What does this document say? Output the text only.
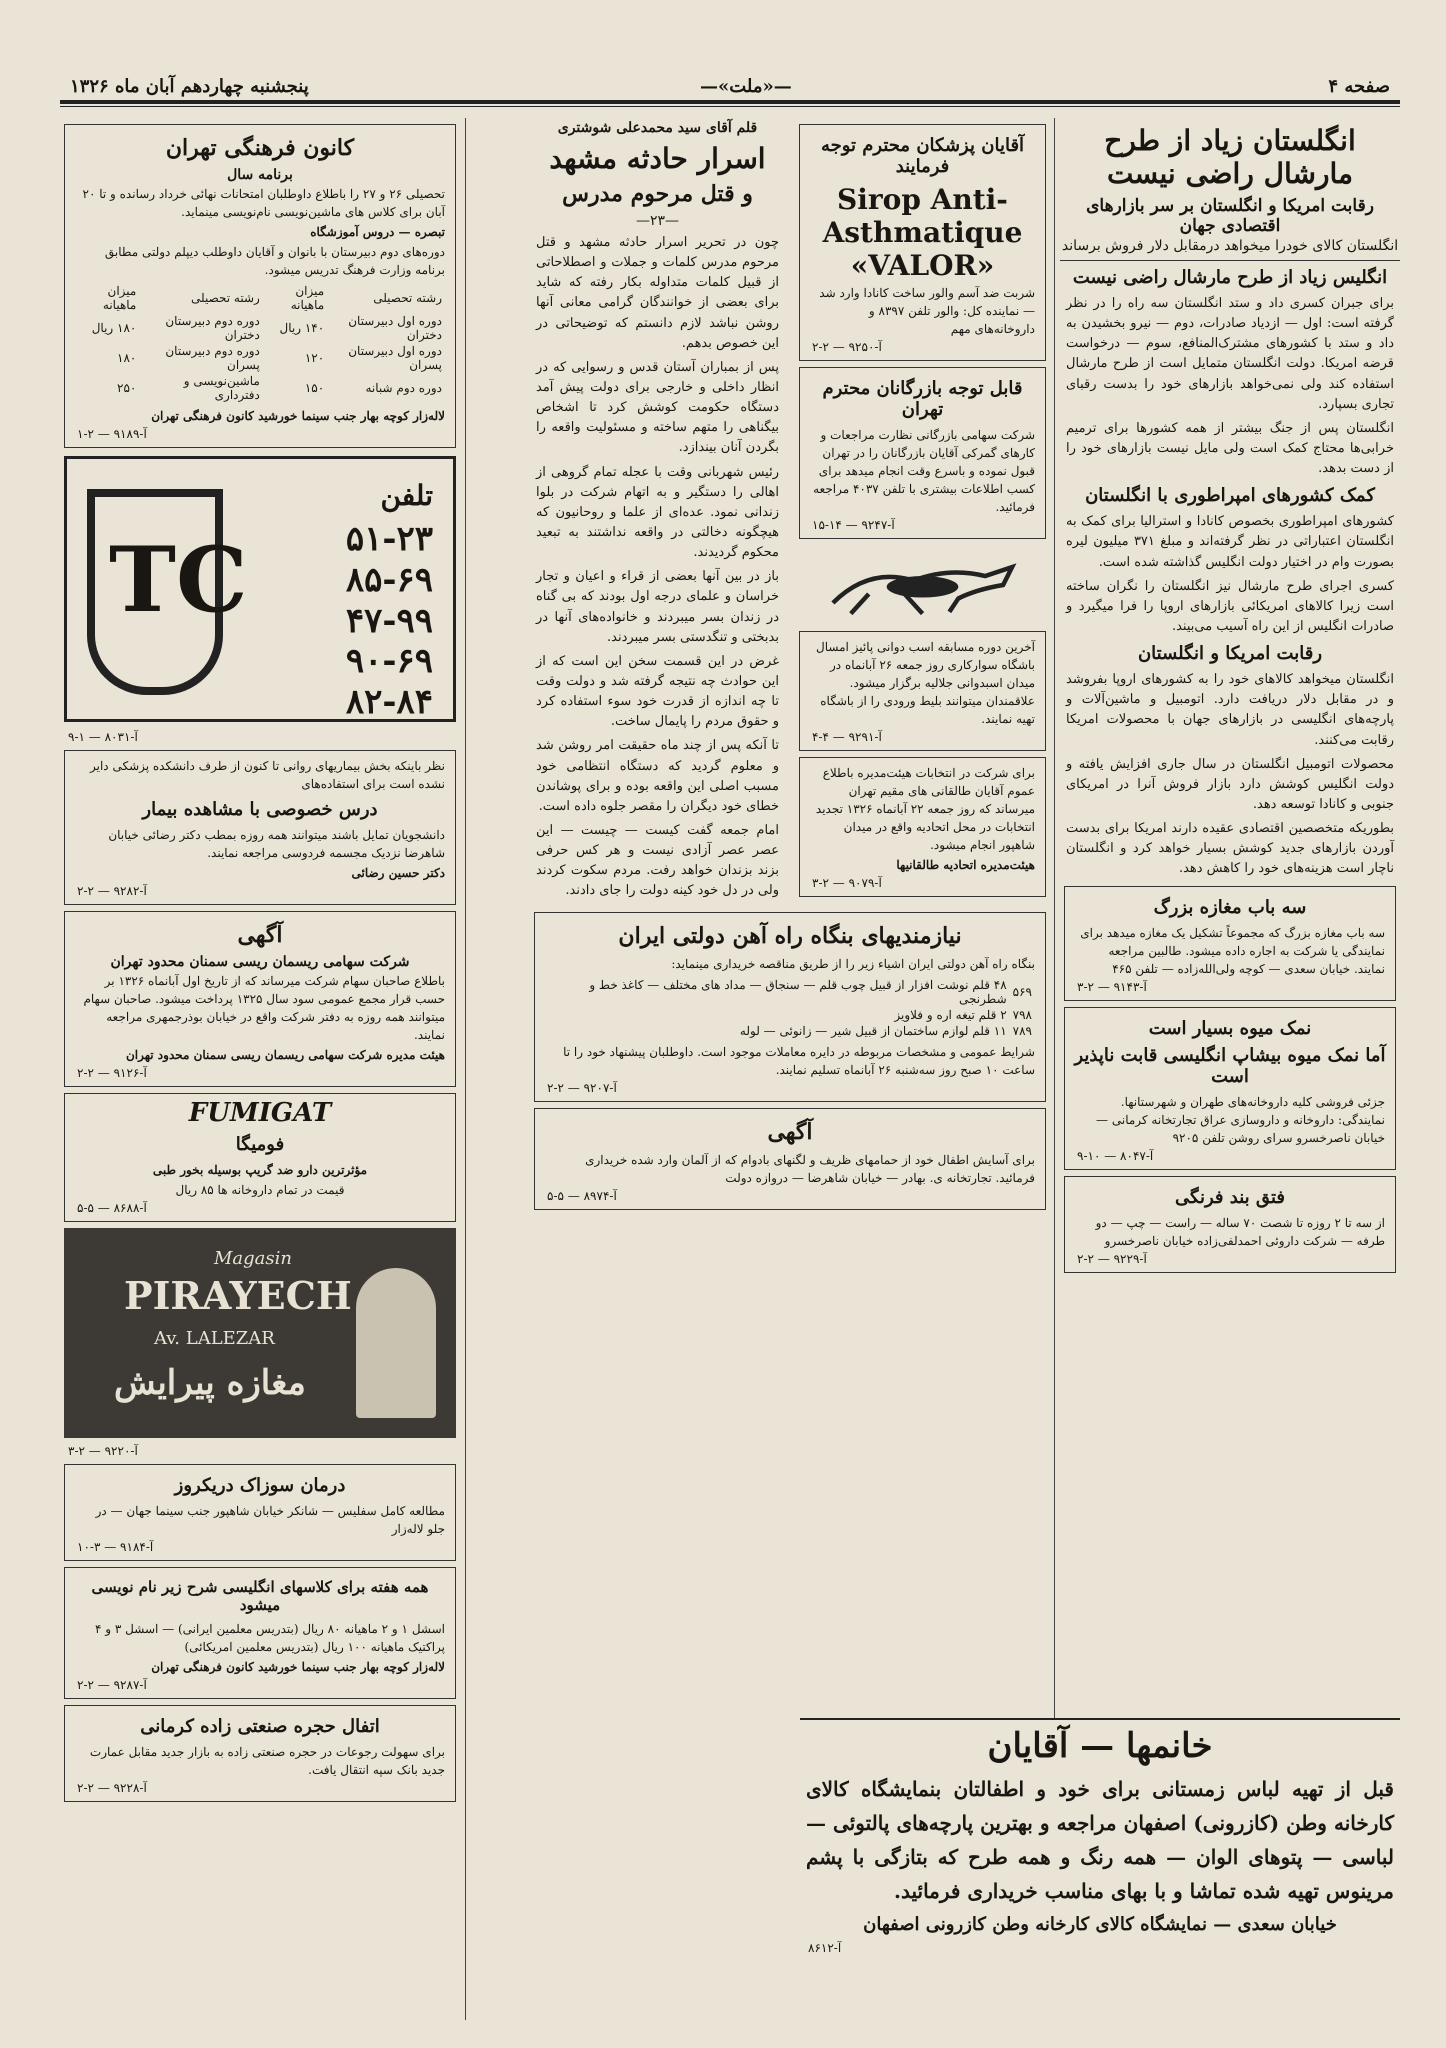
صفحه ۴
—«ملت»—
پنجشنبه چهاردهم آبان ماه ۱۳۲۶
انگلستان زیاد از طرح مارشال راضی نیست
رقابت امریکا و انگلستان بر سر بازارهای اقتصادی جهان
انگلستان کالای خودرا میخواهد درمقابل دلار فروش برساند
انگلیس زیاد از طرح مارشال راضی نیست
برای جبران کسری داد و ستد انگلستان سه راه را در نظر گرفته است: اول — ازدیاد صادرات، دوم — نیرو بخشیدن به داد و ستد با کشورهای مشترک‌المنافع، سوم — درخواست قرضه امریکا. دولت انگلستان متمایل است از طرح مارشال استفاده کند ولی نمی‌خواهد بازارهای خود را بدست رقبای تجاری بسپارد.
انگلستان پس از جنگ بیشتر از همه کشورها برای ترمیم خرابی‌ها محتاج کمک است ولی مایل نیست بازارهای خود را از دست بدهد.
کمک کشورهای امپراطوری با انگلستان
کشورهای امپراطوری بخصوص کانادا و استرالیا برای کمک به انگلستان اعتباراتی در نظر گرفته‌اند و مبلغ ۳۷۱ میلیون لیره بصورت وام در اختیار دولت انگلیس گذاشته شده است.
کسری اجرای طرح مارشال نیز انگلستان را نگران ساخته است زیرا کالاهای امریکائی بازارهای اروپا را فرا میگیرد و صادرات انگلیس از این راه آسیب می‌بیند.
رقابت امریکا و انگلستان
انگلستان میخواهد کالاهای خود را به کشورهای اروپا بفروشد و در مقابل دلار دریافت دارد. اتومبیل و ماشین‌آلات و پارچه‌های انگلیسی در بازارهای جهان با محصولات امریکا رقابت می‌کنند.
محصولات اتومبیل انگلستان در سال جاری افزایش یافته و دولت انگلیس کوشش دارد بازار فروش آنرا در امریکای جنوبی و کانادا توسعه دهد.
بطوریکه متخصصین اقتصادی عقیده دارند امریکا برای بدست آوردن بازارهای جدید کوشش بسیار خواهد کرد و انگلستان ناچار است هزینه‌های خود را کاهش دهد.
سه باب مغازه بزرگ
سه باب مغازه بزرگ که مجموعاً تشکیل یک مغازه میدهد برای نمایندگی یا شرکت به اجاره داده میشود. طالبین مراجعه نمایند. خیابان سعدی — کوچه ولی‌الله‌زاده — تلفن ۴۶۵
آ-۹۱۴۳ — ۲-۳
نمک میوه بسیار است
آما نمک میوه بیشاپ انگلیسی قابت ناپذیر است
جزئی فروشی کلیه داروخانه‌های طهران و شهرستانها. نمایندگی: داروخانه و داروسازی عراق تجارتخانه کرمانی — خیابان ناصرخسرو سرای روشن تلفن ۹۲۰۵
آ-۸۰۴۷ — ۱۰-۹
فتق بند فرنگی
از سه تا ۲ روزه تا شصت ۷۰ ساله — راست — چپ — دو طرفه — شرکت داروئی احمدلفی‌زاده خیابان ناصرخسرو
آ-۹۲۲۹ — ۲-۲
آقایان پزشکان محترم توجه فرمایند
Sirop Anti-Asthmatique
«VALOR»
شربت ضد آسم والور ساخت کانادا وارد شد — نماینده کل: والور تلفن ۸۳۹۷ و داروخانه‌های مهم
آ-۹۲۵۰ — ۲-۲
قابل توجه بازرگانان محترم تهران
شرکت سهامی بازرگانی نظارت مراجعات و کارهای گمرکی آقایان بازرگانان را در تهران قبول نموده و باسرع وقت انجام میدهد برای کسب اطلاعات بیشتری با تلفن ۴۰۳۷ مراجعه فرمائید.
آ-۹۲۴۷ — ۱۴-۱۵
آخرین دوره مسابقه اسب دوانی پائیز امسال باشگاه سوارکاری روز جمعه ۲۶ آبانماه در میدان اسبدوانی جلالیه برگزار میشود. علاقمندان میتوانند بلیط ورودی را از باشگاه تهیه نمایند.
آ-۹۲۹۱ — ۴-۴
برای شرکت در انتخابات هیئت‌مدیره باطلاع عموم آقایان طالقانی های مقیم تهران میرساند که روز جمعه ۲۲ آبانماه ۱۳۲۶ تجدید انتخابات در محل اتحادیه واقع در میدان شاهپور انجام میشود.
هیئت‌مدیره اتحادیه طالقانیها
آ-۹۰۷۹ — ۲-۳
قلم آقای سید محمدعلی شوشتری
اسرار حادثه مشهد
و قتل مرحوم مدرس
—۲۳—
چون در تحریر اسرار حادثه مشهد و قتل مرحوم مدرس کلمات و جملات و اصطلاحاتی از قبیل کلمات متداوله بکار رفته که شاید برای بعضی از خوانندگان گرامی معانی آنها روشن نباشد لازم دانستم که توضیحاتی در این خصوص بدهم.
پس از بمباران آستان قدس و رسوایی که در انظار داخلی و خارجی برای دولت پیش آمد دستگاه حکومت کوشش کرد تا اشخاص بیگناهی را متهم ساخته و مسئولیت واقعه را بگردن آنان بیندازد.
رئیس شهربانی وقت با عجله تمام گروهی از اهالی را دستگیر و به اتهام شرکت در بلوا زندانی نمود. عده‌ای از علما و روحانیون که هیچگونه دخالتی در واقعه نداشتند به تبعید محکوم گردیدند.
باز در بین آنها بعضی از قراء و اعیان و تجار خراسان و علمای درجه اول بودند که بی گناه در زندان بسر میبردند و خانواده‌های آنها در بدبختی و تنگدستی بسر میبردند.
غرض در این قسمت سخن این است که از این حوادث چه نتیجه گرفته شد و دولت وقت تا چه اندازه از قدرت خود سوء استفاده کرد و حقوق مردم را پایمال ساخت.
تا آنکه پس از چند ماه حقیقت امر روشن شد و معلوم گردید که دستگاه انتظامی خود مسبب اصلی این واقعه بوده و برای پوشاندن خطای خود دیگران را مقصر جلوه داده است.
امام جمعه گفت کیست — چیست — این عصر عصر آزادی نیست و هر کس حرفی بزند بزندان خواهد رفت. مردم سکوت کردند ولی در دل خود کینه دولت را جای دادند.
نیازمندیهای بنگاه راه آهن دولتی ایران
بنگاه راه آهن دولتی ایران اشیاء زیر را از طریق مناقصه خریداری مینماید:
۵۶۹	۴۸ قلم نوشت افزار از قبیل چوب قلم — سنجاق — مداد های مختلف — کاغذ خط و شطرنجی
۷۹۸	۲ قلم تیغه اره و فلاویز
۷۸۹	۱۱ قلم لوازم ساختمان از قبیل شیر — زانوئی — لوله
شرایط عمومی و مشخصات مربوطه در دایره معاملات موجود است. داوطلبان پیشنهاد خود را تا ساعت ۱۰ صبح روز سه‌شنبه ۲۶ آبانماه تسلیم نمایند.
آ-۹۲۰۷ — ۲-۲
آگهی
برای آسایش اطفال خود از حمامهای ظریف و لگنهای بادوام که از آلمان وارد شده خریداری فرمائید. تجارتخانه ی. بهادر — خیابان شاهرضا — دروازه دولت
آ-۸۹۷۴ — ۵-۵
کانون فرهنگی تهران
برنامه سال
تحصیلی ۲۶ و ۲۷ را باطلاع داوطلبان امتحانات نهائی خرداد رسانده و تا ۲۰ آبان برای کلاس های ماشین‌نویسی نام‌نویسی مینماید.
تبصره — دروس آموزشگاه
دوره‌های دوم دبیرستان با بانوان و آقایان داوطلب دیپلم دولتی مطابق برنامه وزارت فرهنگ تدریس میشود.
رشته تحصیلی	میزان ماهیانه	رشته تحصیلی	میزان ماهیانه
دوره اول دبیرستان دختران	۱۴۰ ریال	دوره دوم دبیرستان دختران	۱۸۰ ریال
دوره اول دبیرستان پسران	۱۲۰	دوره دوم دبیرستان پسران	۱۸۰
دوره دوم شبانه	۱۵۰	ماشین‌نویسی و دفترداری	۲۵۰
لاله‌زار کوچه بهار جنب سینما خورشید کانون فرهنگی تهران
آ-۹۱۸۹ — ۲-۱
TC
تلفن
۵۱-۲۳
۸۵-۶۹
۴۷-۹۹
۹۰-۶۹
۸۲-۸۴
آ-۸۰۳۱ — ۱-۹
نظر باینکه بخش بیماریهای روانی تا کنون از طرف دانشکده پزشکی دایر نشده است برای استفاده‌های
درس خصوصی با مشاهده بیمار
دانشجویان تمایل باشند میتوانند همه روزه بمطب دکتر رضائی خیابان شاهرضا نزدیک مجسمه فردوسی مراجعه نمایند.
دکتر حسین رضائی
آ-۹۲۸۲ — ۲-۲
آگهی
شرکت سهامی ریسمان ریسی سمنان محدود تهران
باطلاع صاحبان سهام شرکت میرساند که از تاریخ اول آبانماه ۱۳۲۶ بر حسب قرار مجمع عمومی سود سال ۱۳۲۵ پرداخت میشود. صاحبان سهام میتوانند همه روزه به دفتر شرکت واقع در خیابان بوذرجمهری مراجعه نمایند.
هیئت مدیره شرکت سهامی ریسمان ریسی سمنان محدود تهران
آ-۹۱۲۶ — ۲-۲
FUMIGAT
فومیگا
مؤثرترین دارو ضد گریپ بوسیله بخور طبی
قیمت در تمام داروخانه ها ۸۵ ریال
آ-۸۶۸۸ — ۵-۵
Magasin
PIRAYECH
Av. LALEZAR
مغازه پیرایش
آ-۹۲۲۰ — ۲-۳
درمان سوزاک دریکروز
مطالعه کامل سفلیس — شانکر خیابان شاهپور جنب سینما جهان — در جلو لاله‌زار
آ-۹۱۸۴ — ۳-۱۰
همه هفته برای کلاسهای انگلیسی شرح زیر نام نویسی میشود
اسشل ۱ و ۲ ماهیانه ۸۰ ریال (بتدریس معلمین ایرانی) — اسشل ۳ و ۴ پراکتیک ماهیانه ۱۰۰ ریال (بتدریس معلمین امریکائی)
لاله‌زار کوچه بهار جنب سینما خورشید کانون فرهنگی تهران
آ-۹۲۸۷ — ۲-۲
اتفال حجره صنعتی زاده کرمانی
برای سهولت رجوعات در حجره صنعتی زاده به بازار جدید مقابل عمارت جدید بانک سپه انتقال یافت.
آ-۹۲۲۸ — ۲-۲
خانمها — آقایان
قبل از تهیه لباس زمستانی برای خود و اطفالتان بنمایشگاه کالای کارخانه وطن (کازرونی) اصفهان مراجعه و بهترین پارچه‌های پالتوئی — لباسی — پتوهای الوان — همه رنگ و همه طرح که بتازگی با پشم مرینوس تهیه شده تماشا و با بهای مناسب خریداری فرمائید.
خیابان سعدی — نمایشگاه کالای کارخانه وطن کازرونی اصفهان
آ-۸۶۱۲
